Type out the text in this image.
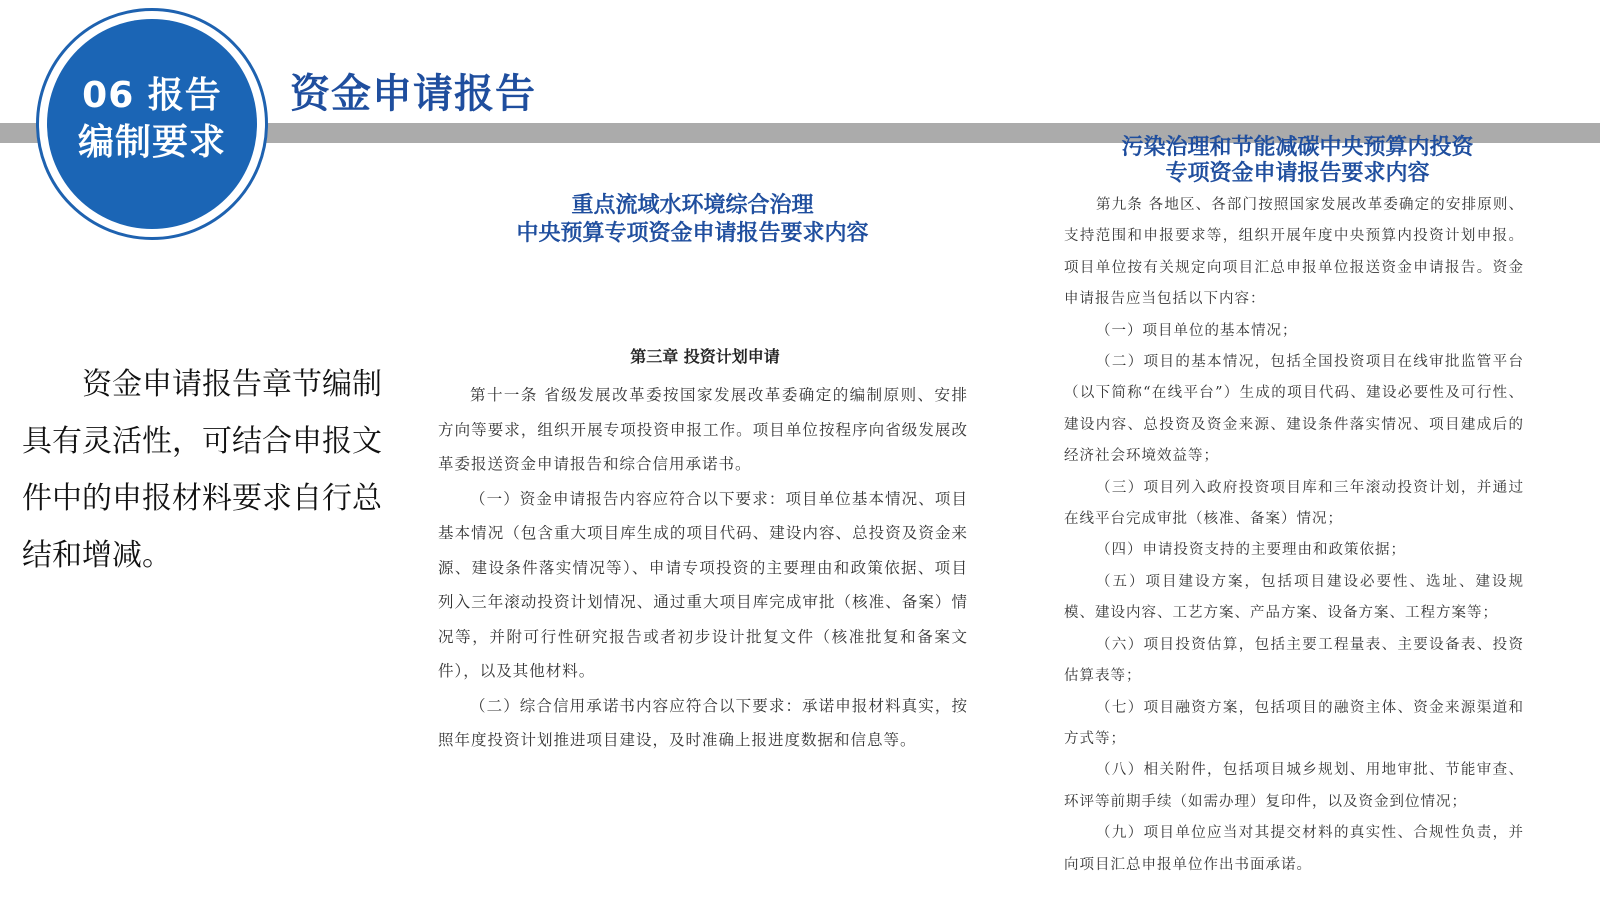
06 报告
编制要求
资金申请报告

资金申请报告章节编制具有灵活性，可结合申报文件中的申报材料要求自行总结和增减。

重点流域水环境综合治理
中央预算专项资金申请报告要求内容
第三章 投资计划申请

第十一条 省级发展改革委按国家发展改革委确定的编制原则、安排方向等要求，组织开展专项投资申报工作。项目单位按程序向省级发展改革委报送资金申请报告和综合信用承诺书。

（一）资金申请报告内容应符合以下要求：项目单位基本情况、项目基本情况（包含重大项目库生成的项目代码、建设内容、总投资及资金来源、建设条件落实情况等）、申请专项投资的主要理由和政策依据、项目列入三年滚动投资计划情况、通过重大项目库完成审批（核准、备案）情况等，并附可行性研究报告或者初步设计批复文件（核准批复和备案文件），以及其他材料。

（二）综合信用承诺书内容应符合以下要求：承诺申报材料真实，按照年度投资计划推进项目建设，及时准确上报进度数据和信息等。

污染治理和节能减碳中央预算内投资
专项资金申请报告要求内容

第九条 各地区、各部门按照国家发展改革委确定的安排原则、支持范围和申报要求等，组织开展年度中央预算内投资计划申报。项目单位按有关规定向项目汇总申报单位报送资金申请报告。资金申请报告应当包括以下内容：

（一）项目单位的基本情况；

（二）项目的基本情况，包括全国投资项目在线审批监管平台（以下简称“在线平台”）生成的项目代码、建设必要性及可行性、建设内容、总投资及资金来源、建设条件落实情况、项目建成后的经济社会环境效益等；

（三）项目列入政府投资项目库和三年滚动投资计划，并通过在线平台完成审批（核准、备案）情况；

（四）申请投资支持的主要理由和政策依据；

（五）项目建设方案，包括项目建设必要性、选址、建设规模、建设内容、工艺方案、产品方案、设备方案、工程方案等；

（六）项目投资估算，包括主要工程量表、主要设备表、投资估算表等；

（七）项目融资方案，包括项目的融资主体、资金来源渠道和方式等；

（八）相关附件，包括项目城乡规划、用地审批、节能审查、环评等前期手续（如需办理）复印件，以及资金到位情况；

（九）项目单位应当对其提交材料的真实性、合规性负责，并向项目汇总申报单位作出书面承诺。
